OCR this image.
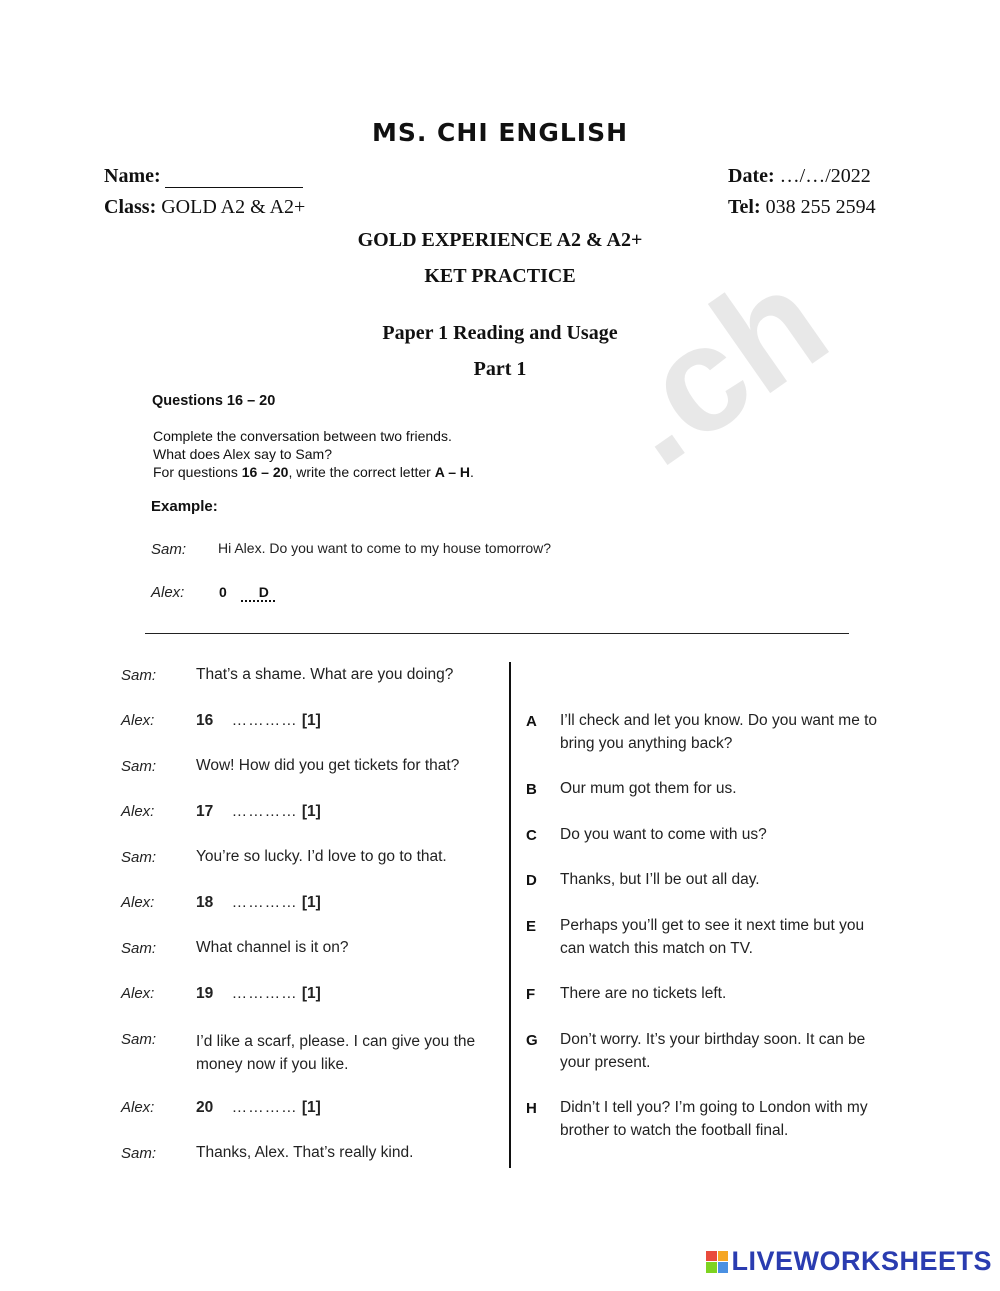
.ch
MS. CHI ENGLISH
Name:	Date: …/…/2022
Class: GOLD A2 & A2+	Tel: 038 255 2594
GOLD EXPERIENCE A2 & A2+
KET PRACTICE
Paper 1 Reading and Usage
Part 1
Questions 16 – 20
Complete the conversation between two friends.
What does Alex say to Sam?
For questions 16 – 20, write the correct letter A – H.
Example:
Sam: Hi Alex. Do you want to come to my house tomorrow?
Alex: 0 D
Sam:	That’s a shame. What are you doing?
Alex:	16 ………… [1]
Sam:	Wow! How did you get tickets for that?
Alex:	17 ………… [1]
Sam:	You’re so lucky. I’d love to go to that.
Alex:	18 ………… [1]
Sam:	What channel is it on?
Alex:	19 ………… [1]
Sam:	I’d like a scarf, please. I can give you the money now if you like.
Alex:	20 ………… [1]
Sam:	Thanks, Alex. That’s really kind.
A I’ll check and let you know. Do you want me to bring you anything back?
B Our mum got them for us.
C Do you want to come with us?
D Thanks, but I’ll be out all day.
E Perhaps you’ll get to see it next time but you can watch this match on TV.
F There are no tickets left.
G Don’t worry. It’s your birthday soon. It can be your present.
H Didn’t I tell you? I’m going to London with my brother to watch the football final.
LIVEWORKSHEETS
